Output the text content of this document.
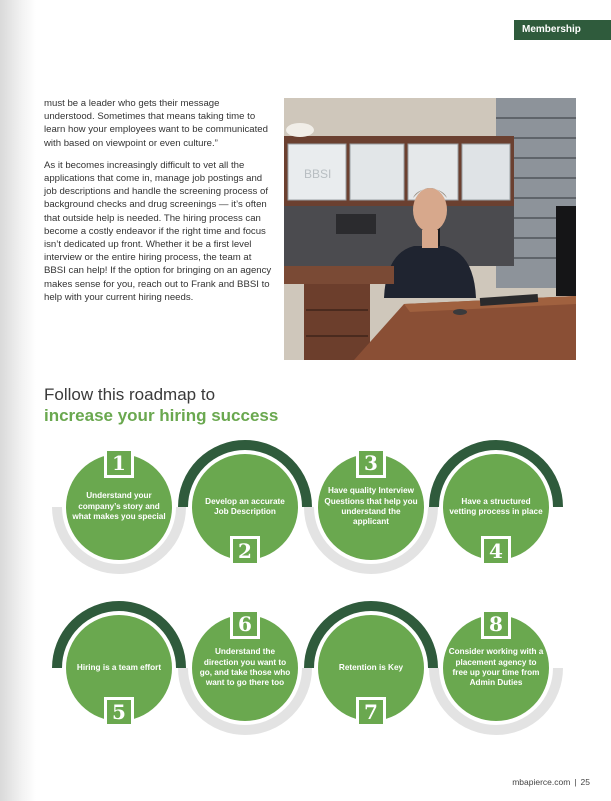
Membership

must be a leader who gets their message understood. Sometimes that means taking time to learn how your employees want to be communicated with based on viewpoint or even culture.”

As it becomes increasingly difficult to vet all the applications that come in, manage job postings and job descriptions and handle the screening process of background checks and drug screenings — it’s often that outside help is needed. The hiring process can become a costly endeavor if the right time and focus isn’t dedicated up front. Whether it be a first level interview or the entire hiring process, the team at BBSI can help! If the option for bringing on an agency makes sense for you, reach out to Frank and BBSI to help with your current hiring needs.

BBSI
Follow this roadmap to
increase your hiring success
Understand your company’s story and what makes you special
Develop an accurate Job Description
Have quality Interview Questions that help you understand the applicant
Have a structured vetting process in place
Hiring is a team effort
Understand the direction you want to go, and take those who want to go there too
Retention is Key
Consider working with a placement agency to free up your time from Admin Duties
1
2
3
4
5
6
7
8
mbapierce.com | 25
